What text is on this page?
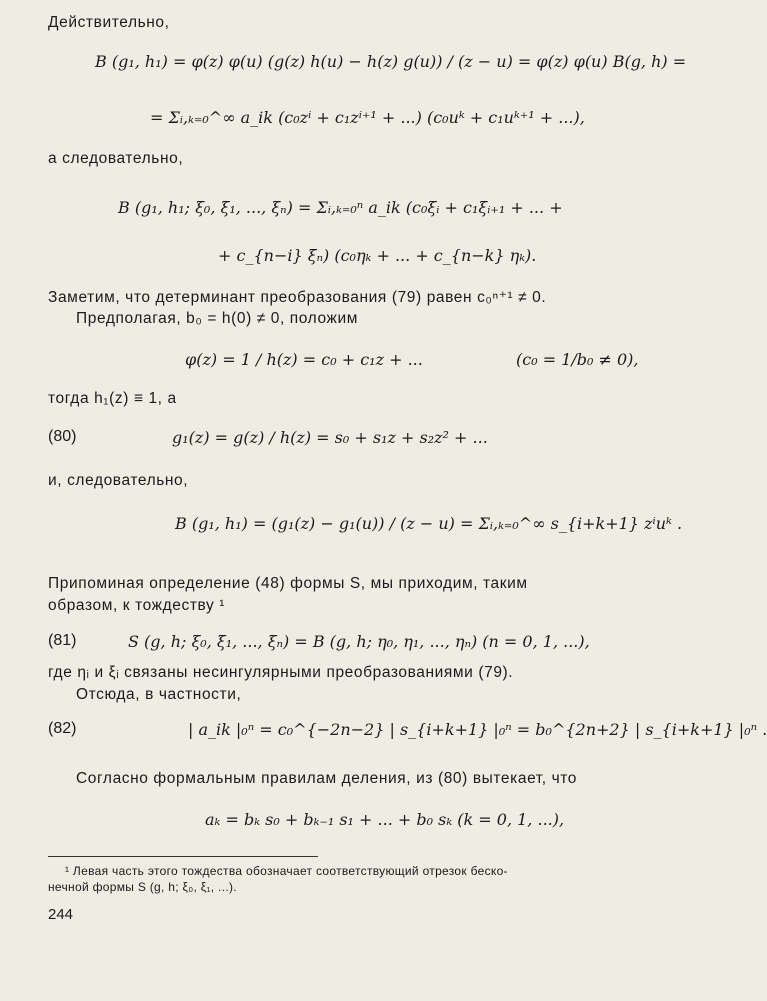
Действительно,
B (g₁, h₁) = φ(z) φ(u) (g(z) h(u) − h(z) g(u)) / (z − u) = φ(z) φ(u) B(g, h) =
= Σᵢ,ₖ₌₀^∞ a_ik (c₀zⁱ + c₁zⁱ⁺¹ + ...) (c₀uᵏ + c₁uᵏ⁺¹ + ...),
а следовательно,
B (g₁, h₁; ξ₀, ξ₁, ..., ξₙ) = Σᵢ,ₖ₌₀ⁿ a_ik (c₀ξᵢ + c₁ξᵢ₊₁ + ... +
+ c_{n−i} ξₙ) (c₀ηₖ + ... + c_{n−k} ηₖ).
Заметим, что детерминант преобразования (79) равен c₀ⁿ⁺¹ ≠ 0.
Предполагая, b₀ = h(0) ≠ 0, положим
φ(z) = 1 / h(z) = c₀ + c₁z + ...	(c₀ = 1/b₀ ≠ 0),
тогда h₁(z) ≡ 1, а
(80)	g₁(z) = g(z) / h(z) = s₀ + s₁z + s₂z² + ...
и, следовательно,
B (g₁, h₁) = (g₁(z) − g₁(u)) / (z − u) = Σᵢ,ₖ₌₀^∞ s_{i+k+1} zⁱuᵏ .
Припоминая определение (48) формы S, мы приходим, таким
образом, к тождеству ¹
(81)	S (g, h; ξ₀, ξ₁, ..., ξₙ) = B (g, h; η₀, η₁, ..., ηₙ) (n = 0, 1, ...),
где ηᵢ и ξᵢ связаны несингулярными преобразованиями (79).
Отсюда, в частности,
(82)	| a_ik |₀ⁿ = c₀^{−2n−2} | s_{i+k+1} |₀ⁿ = b₀^{2n+2} | s_{i+k+1} |₀ⁿ .
Согласно формальным правилам деления, из (80) вытекает, что
aₖ = bₖ s₀ + bₖ₋₁ s₁ + ... + b₀ sₖ (k = 0, 1, ...),
¹ Левая часть этого тождества обозначает соответствующий отрезок беско-
нечной формы S (g, h; ξ₀, ξ₁, ...).
244
